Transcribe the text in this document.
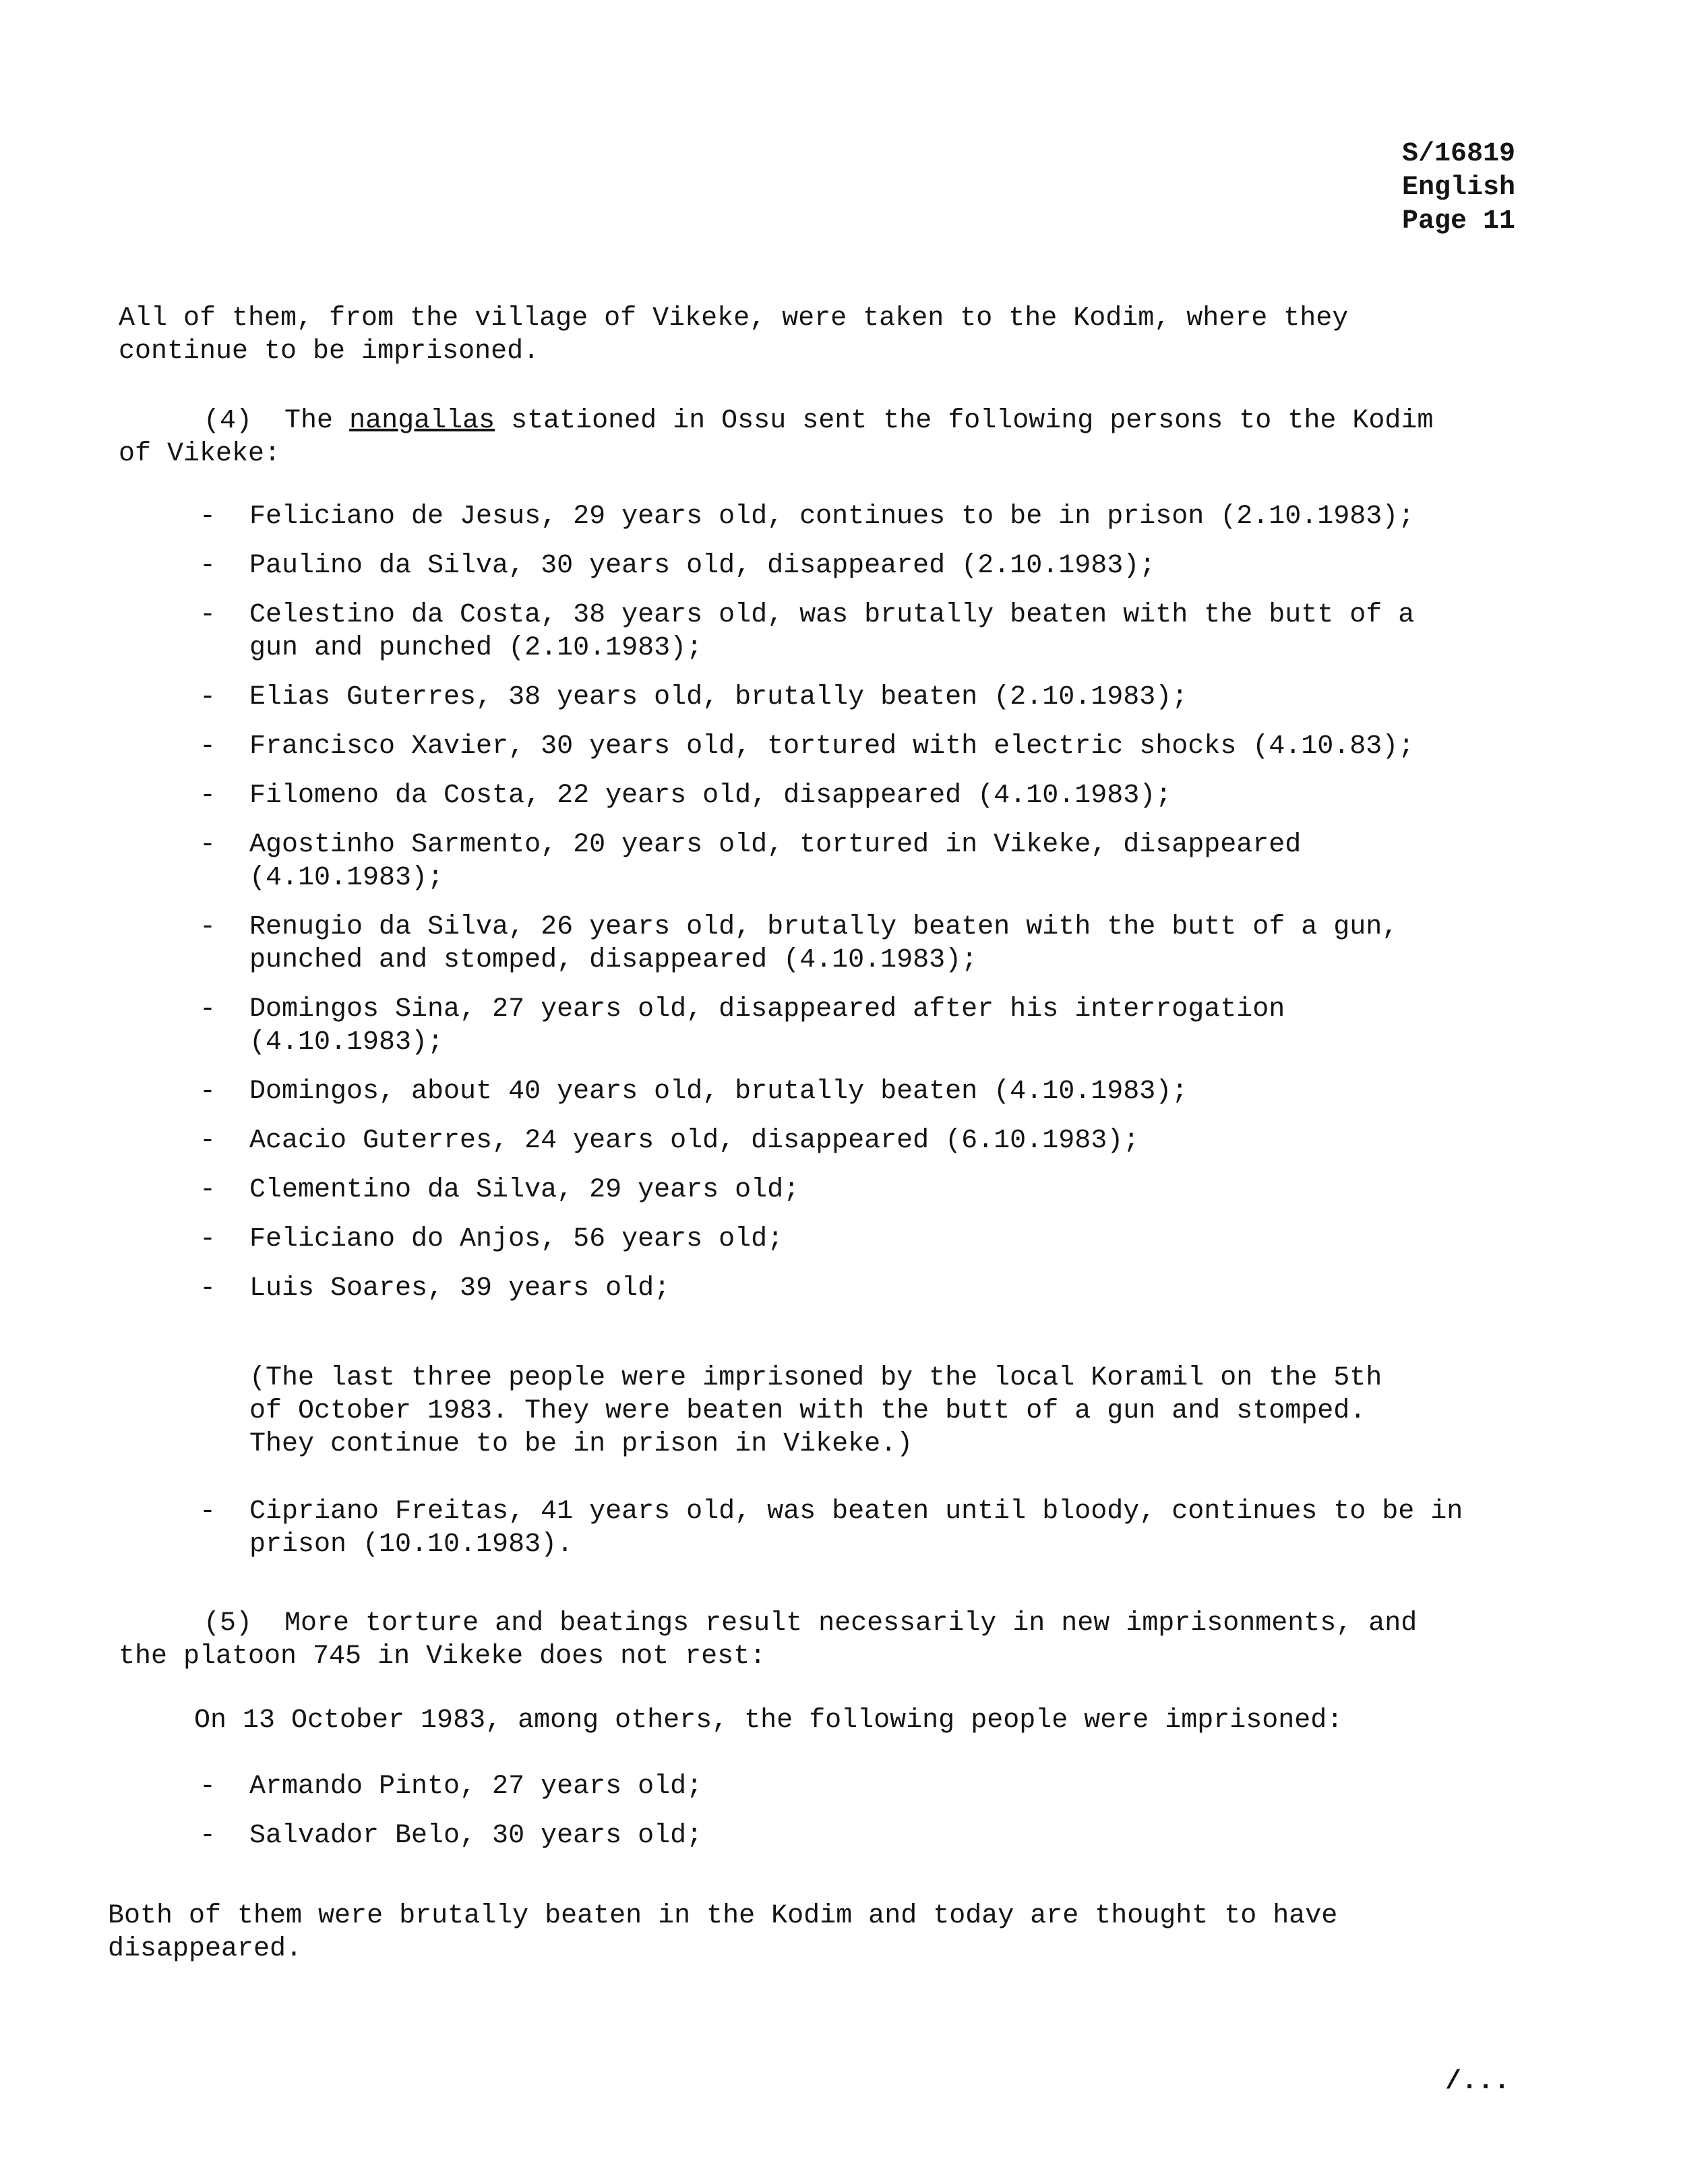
S/16819
English
Page 11
All of them, from the village of Vikeke, were taken to the Kodim, where they
continue to be imprisoned.
(4) The nangallas stationed in Ossu sent the following persons to the Kodim
of Vikeke:
- Feliciano de Jesus, 29 years old, continues to be in prison (2.10.1983);
- Paulino da Silva, 30 years old, disappeared (2.10.1983);
- Celestino da Costa, 38 years old, was brutally beaten with the butt of a
gun and punched (2.10.1983);
- Elias Guterres, 38 years old, brutally beaten (2.10.1983);
- Francisco Xavier, 30 years old, tortured with electric shocks (4.10.83);
- Filomeno da Costa, 22 years old, disappeared (4.10.1983);
- Agostinho Sarmento, 20 years old, tortured in Vikeke, disappeared
(4.10.1983);
- Renugio da Silva, 26 years old, brutally beaten with the butt of a gun,
punched and stomped, disappeared (4.10.1983);
- Domingos Sina, 27 years old, disappeared after his interrogation
(4.10.1983);
- Domingos, about 40 years old, brutally beaten (4.10.1983);
- Acacio Guterres, 24 years old, disappeared (6.10.1983);
- Clementino da Silva, 29 years old;
- Feliciano do Anjos, 56 years old;
- Luis Soares, 39 years old;
(The last three people were imprisoned by the local Koramil on the 5th
of October 1983. They were beaten with the butt of a gun and stomped.
They continue to be in prison in Vikeke.)
- Cipriano Freitas, 41 years old, was beaten until bloody, continues to be in
prison (10.10.1983).
(5) More torture and beatings result necessarily in new imprisonments, and
the platoon 745 in Vikeke does not rest:
On 13 October 1983, among others, the following people were imprisoned:
- Armando Pinto, 27 years old;
- Salvador Belo, 30 years old;
Both of them were brutally beaten in the Kodim and today are thought to have
disappeared.
/...
